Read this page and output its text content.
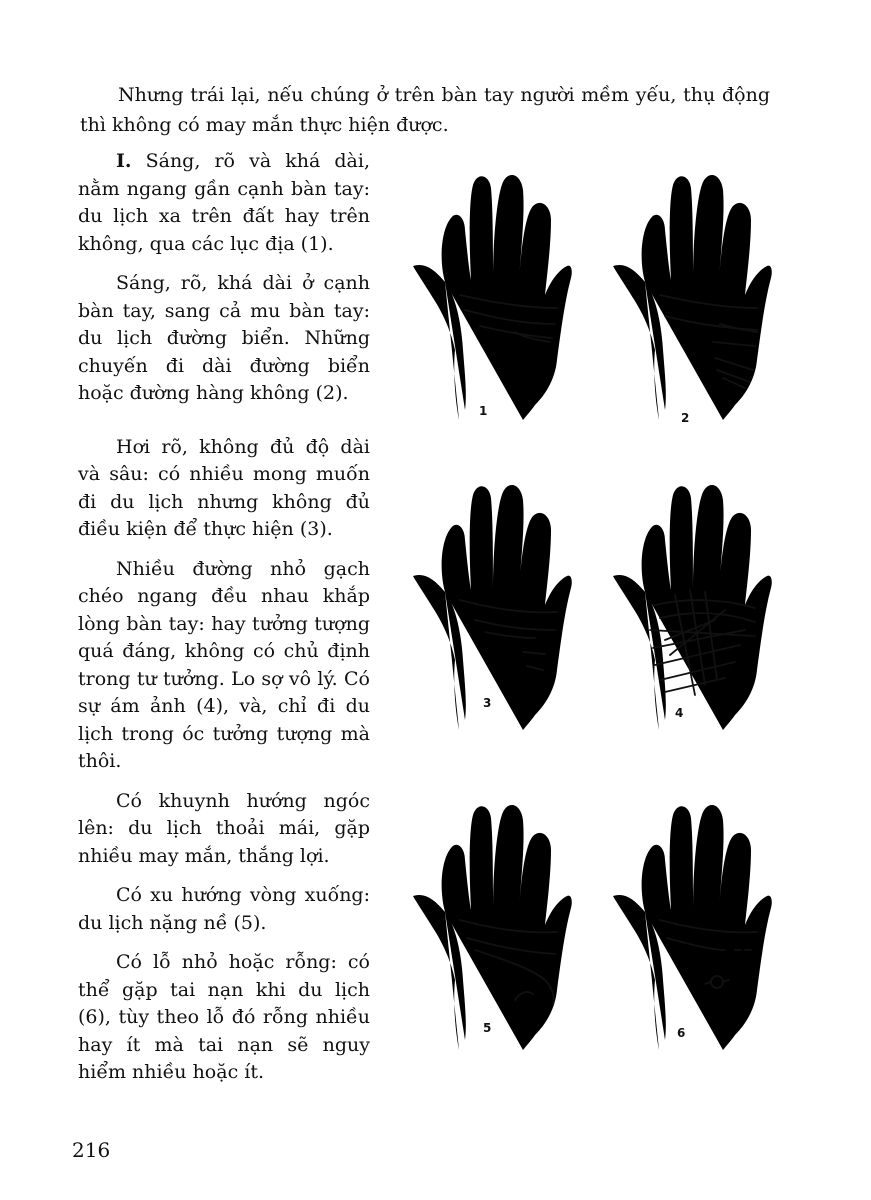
Nhưng trái lại, nếu chúng ở trên bàn tay người mềm yếu, thụ động thì không có may mắn thực hiện được.

I. Sáng, rõ và khá dài, nằm ngang gần cạnh bàn tay: du lịch xa trên đất hay trên không, qua các lục địa (1).

Sáng, rõ, khá dài ở cạnh bàn tay, sang cả mu bàn tay: du lịch đường biển. Những chuyến đi dài đường biển hoặc đường hàng không (2).

Hơi rõ, không đủ độ dài và sâu: có nhiều mong muốn đi du lịch nhưng không đủ điều kiện để thực hiện (3).

Nhiều đường nhỏ gạch chéo ngang đều nhau khắp lòng bàn tay: hay tưởng tượng quá đáng, không có chủ định trong tư tưởng. Lo sợ vô lý. Có sự ám ảnh (4), và, chỉ đi du lịch trong óc tưởng tượng mà thôi.

Có khuynh hướng ngóc lên: du lịch thoải mái, gặp nhiều may mắn, thắng lợi.

Có xu hướng vòng xuống: du lịch nặng nề (5).

Có lỗ nhỏ hoặc rỗng: có thể gặp tai nạn khi du lịch (6), tùy theo lỗ đó rỗng nhiều hay ít mà tai nạn sẽ nguy hiểm nhiều hoặc ít.

1	2
3
4
5	6

216
